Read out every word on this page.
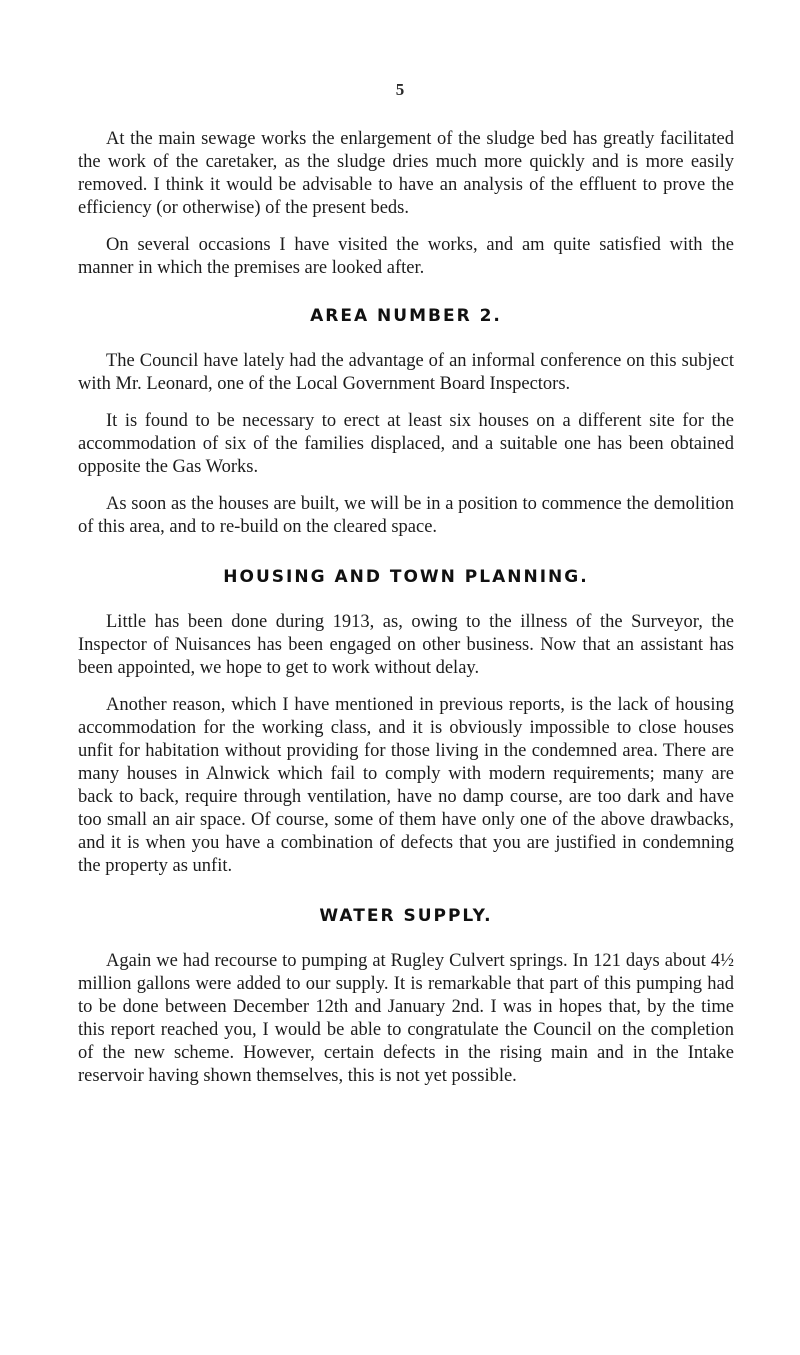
5

At the main sewage works the enlargement of the sludge bed has greatly facilitated the work of the caretaker, as the sludge dries much more quickly and is more easily removed. I think it would be advisable to have an analysis of the effluent to prove the efficiency (or otherwise) of the present beds.

On several occasions I have visited the works, and am quite satisfied with the manner in which the premises are looked after.

AREA NUMBER 2.

The Council have lately had the advantage of an informal conference on this subject with Mr. Leonard, one of the Local Government Board Inspectors.

It is found to be necessary to erect at least six houses on a different site for the accommodation of six of the families displaced, and a suitable one has been obtained opposite the Gas Works.

As soon as the houses are built, we will be in a position to commence the demolition of this area, and to re-build on the cleared space.

HOUSING AND TOWN PLANNING.

Little has been done during 1913, as, owing to the illness of the Surveyor, the Inspector of Nuisances has been engaged on other business. Now that an assistant has been appointed, we hope to get to work without delay.

Another reason, which I have mentioned in previous reports, is the lack of housing accommodation for the working class, and it is obviously impossible to close houses unfit for habitation without providing for those living in the condemned area. There are many houses in Alnwick which fail to comply with modern requirements; many are back to back, require through ventilation, have no damp course, are too dark and have too small an air space. Of course, some of them have only one of the above drawbacks, and it is when you have a combination of defects that you are justified in condemning the property as unfit.

WATER SUPPLY.

Again we had recourse to pumping at Rugley Culvert springs. In 121 days about 4½ million gallons were added to our supply. It is remarkable that part of this pumping had to be done between December 12th and January 2nd. I was in hopes that, by the time this report reached you, I would be able to congratulate the Council on the completion of the new scheme. However, certain defects in the rising main and in the Intake reservoir having shown themselves, this is not yet possible.
